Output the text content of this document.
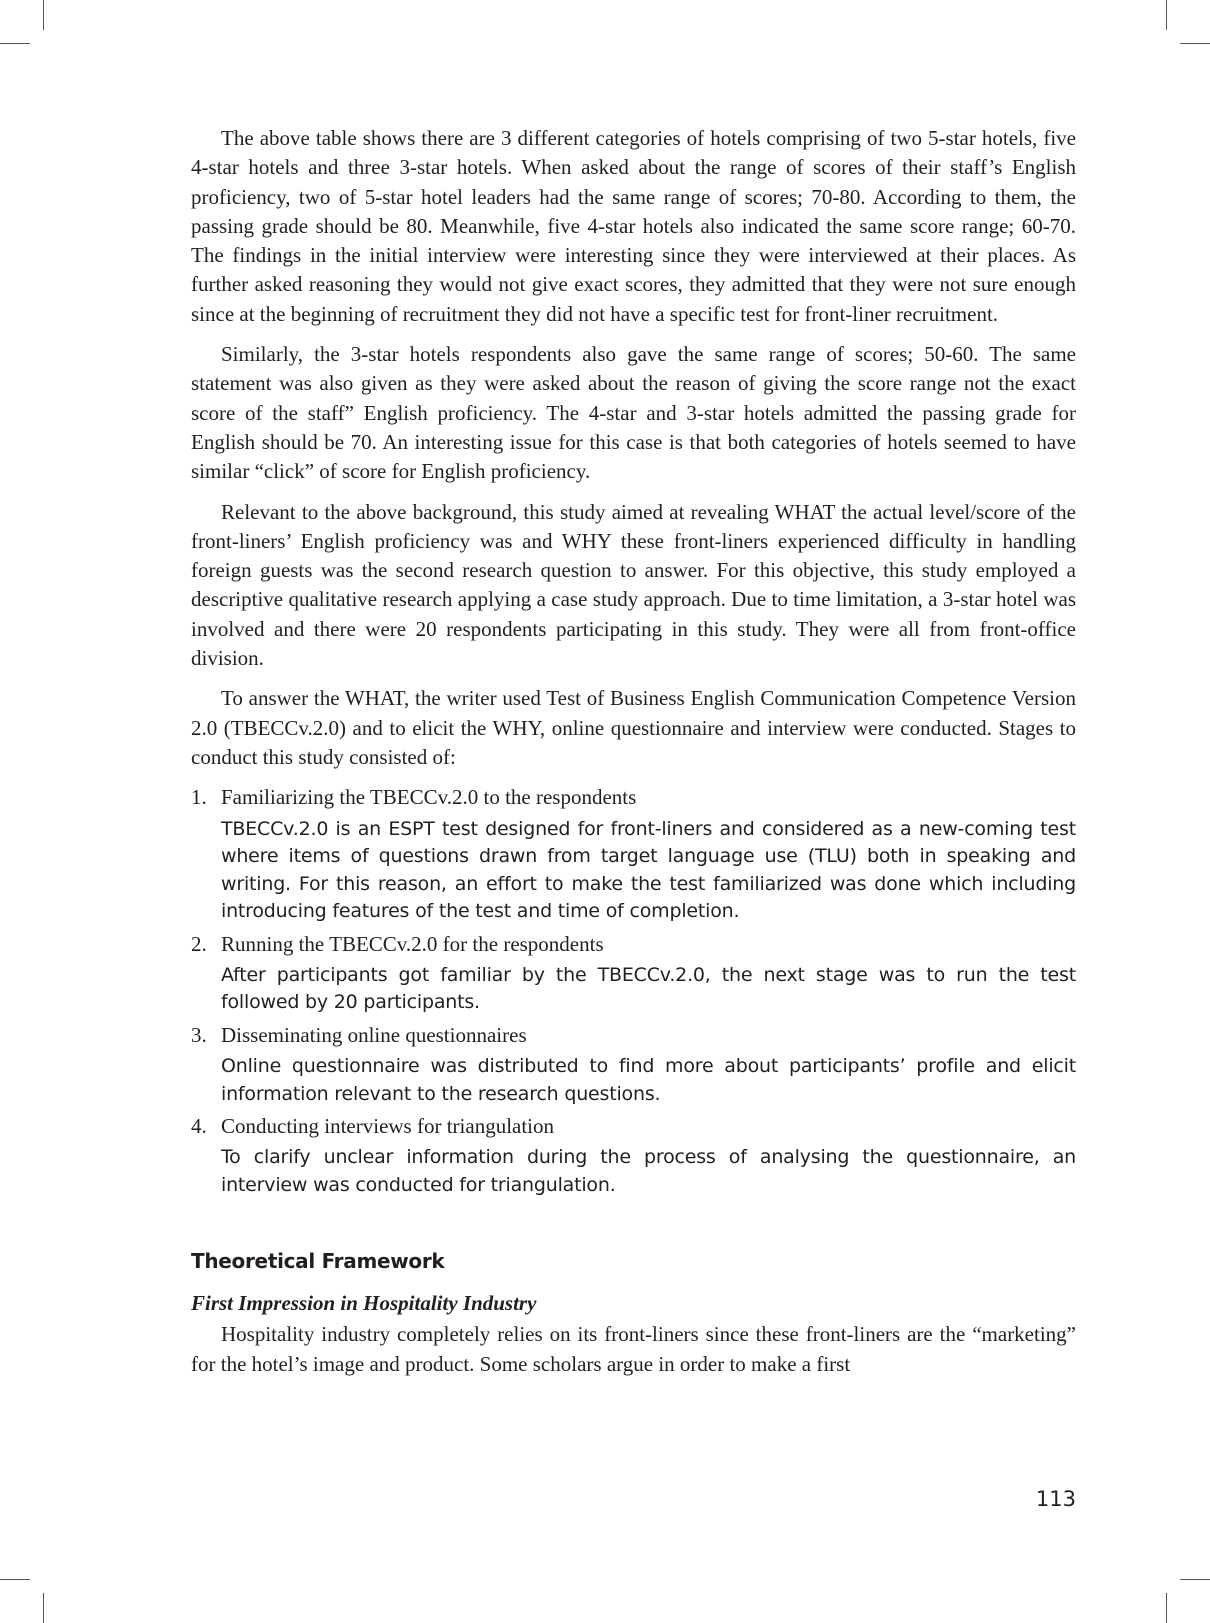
The above table shows there are 3 different categories of hotels comprising of two 5-star hotels, five 4-star hotels and three 3-star hotels. When asked about the range of scores of their staff’s English proficiency, two of 5-star hotel leaders had the same range of scores; 70-80. According to them, the passing grade should be 80. Meanwhile, five 4-star hotels also indicated the same score range; 60-70. The findings in the initial interview were interesting since they were interviewed at their places. As further asked reasoning they would not give exact scores, they admitted that they were not sure enough since at the beginning of recruitment they did not have a specific test for front-liner recruitment.

Similarly, the 3-star hotels respondents also gave the same range of scores; 50-60. The same statement was also given as they were asked about the reason of giving the score range not the exact score of the staff” English proficiency. The 4-star and 3-star hotels admitted the passing grade for English should be 70. An interesting issue for this case is that both categories of hotels seemed to have similar “click” of score for English proficiency.

Relevant to the above background, this study aimed at revealing WHAT the actual level/score of the front-liners’ English proficiency was and WHY these front-liners experienced difficulty in handling foreign guests was the second research question to answer. For this objective, this study employed a descriptive qualitative research applying a case study approach. Due to time limitation, a 3-star hotel was involved and there were 20 respondents participating in this study. They were all from front-office division.

To answer the WHAT, the writer used Test of Business English Communication Competence Version 2.0 (TBECCv.2.0) and to elicit the WHY, online questionnaire and interview were conducted. Stages to conduct this study consisted of:

1. Familiarizing the TBECCv.2.0 to the respondents
TBECCv.2.0 is an ESPT test designed for front-liners and considered as a new-coming test where items of questions drawn from target language use (TLU) both in speaking and writing. For this reason, an effort to make the test familiarized was done which including introducing features of the test and time of completion.
2. Running the TBECCv.2.0 for the respondents
After participants got familiar by the TBECCv.2.0, the next stage was to run the test followed by 20 participants.
3. Disseminating online questionnaires
Online questionnaire was distributed to find more about participants’ profile and elicit information relevant to the research questions.
4. Conducting interviews for triangulation
To clarify unclear information during the process of analysing the questionnaire, an interview was conducted for triangulation.
Theoretical Framework
First Impression in Hospitality Industry

Hospitality industry completely relies on its front-liners since these front-liners are the “marketing” for the hotel’s image and product. Some scholars argue in order to make a first

113
